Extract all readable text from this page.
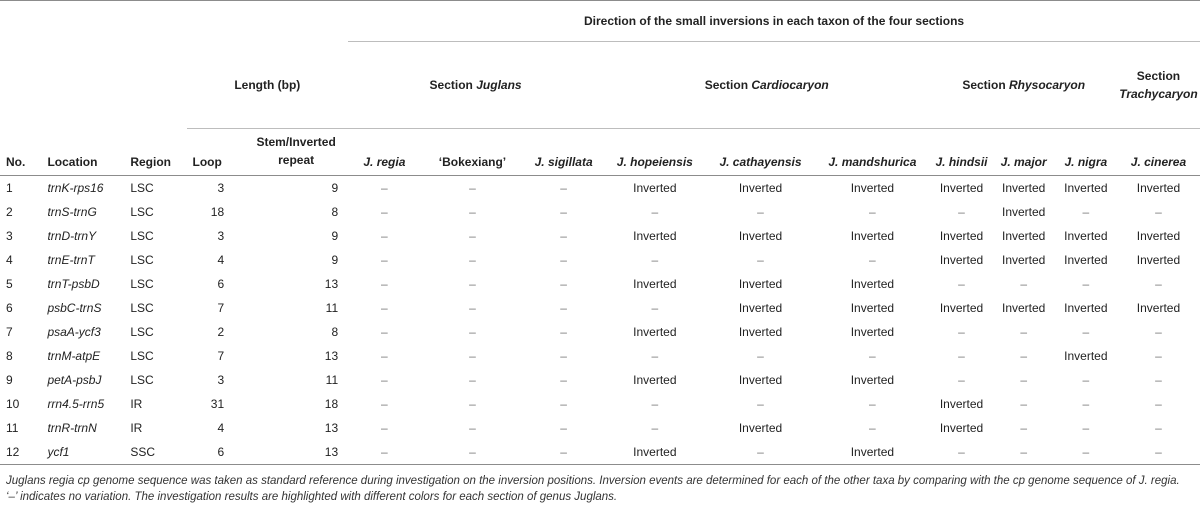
					Direction of the small inversions in each taxon of the four sections									
			Length (bp)		Section Juglans			Section Cardiocaryon			Section Rhysocaryon			Section
Trachycaryon

No.	Location	Region	Loop	Stem/Inverted repeat	J. regia	‘Bokexiang’	J. sigillata	J. hopeiensis	J. cathayensis	J. mandshurica	J. hindsii	J. major	J. nigra	J. cinerea
1	trnK-rps16	LSC	3	9	–	–	–	Inverted	Inverted	Inverted	Inverted	Inverted	Inverted	Inverted
2	trnS-trnG	LSC	18	8	–	–	–	–	–	–	–	Inverted	–	–
3	trnD-trnY	LSC	3	9	–	–	–	Inverted	Inverted	Inverted	Inverted	Inverted	Inverted	Inverted
4	trnE-trnT	LSC	4	9	–	–	–	–	–	–	Inverted	Inverted	Inverted	Inverted
5	trnT-psbD	LSC	6	13	–	–	–	Inverted	Inverted	Inverted	–	–	–	–
6	psbC-trnS	LSC	7	11	–	–	–	–	Inverted	Inverted	Inverted	Inverted	Inverted	Inverted
7	psaA-ycf3	LSC	2	8	–	–	–	Inverted	Inverted	Inverted	–	–	–	–
8	trnM-atpE	LSC	7	13	–	–	–	–	–	–	–	–	Inverted	–
9	petA-psbJ	LSC	3	11	–	–	–	Inverted	Inverted	Inverted	–	–	–	–
10	rrn4.5-rrn5	IR	31	18	–	–	–	–	–	–	Inverted	–	–	–
11	trnR-trnN	IR	4	13	–	–	–	–	Inverted	–	Inverted	–	–	–
12	ycf1	SSC	6	13	–	–	–	Inverted	–	Inverted	–	–	–	–
Juglans regia cp genome sequence was taken as standard reference during investigation on the inversion positions. Inversion events are determined for each of the other taxa by comparing with the cp genome sequence of J. regia. ‘–’ indicates no variation. The investigation results are highlighted with different colors for each section of genus Juglans.														
